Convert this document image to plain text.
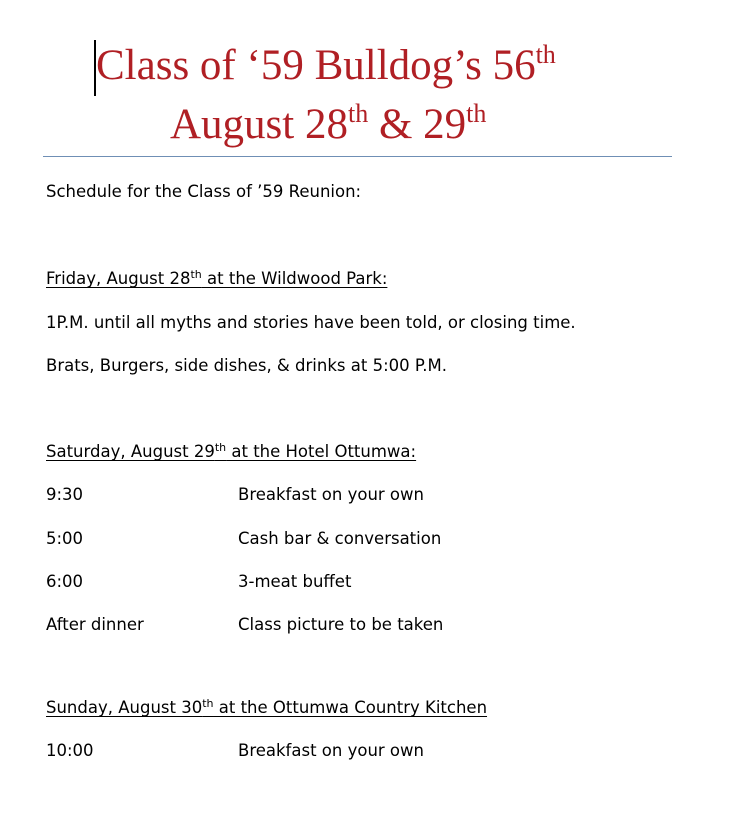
Class of ‘59 Bulldog’s 56th
August 28th & 29th
Schedule for the Class of ’59 Reunion:
Friday, August 28th at the Wildwood Park:
1P.M. until all myths and stories have been told, or closing time.
Brats, Burgers, side dishes, & drinks at 5:00 P.M.
Saturday, August 29th at the Hotel Ottumwa:
9:30	Breakfast on your own
5:00	Cash bar & conversation
6:00	3-meat buffet
After dinner	Class picture to be taken
Sunday, August 30th at the Ottumwa Country Kitchen
10:00	Breakfast on your own
